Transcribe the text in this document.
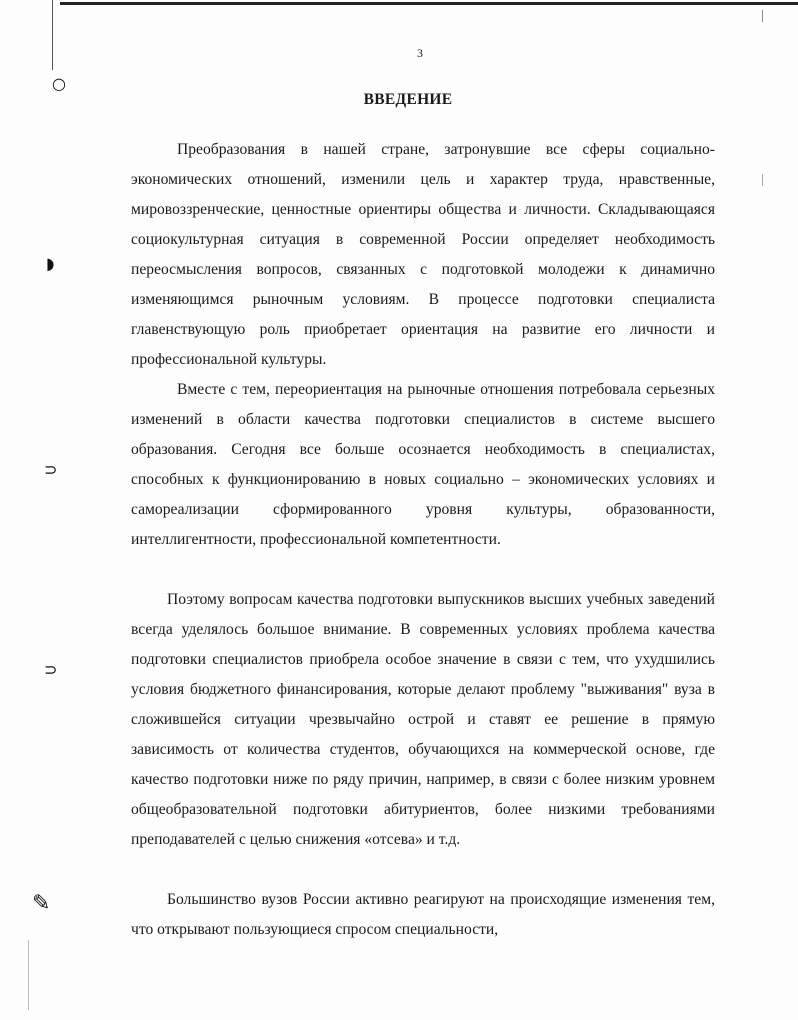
○
◗
⊃
⊃
✎
3
ВВЕДЕНИЕ

Преобразования в нашей стране, затронувшие все сферы социально-экономических отношений, изменили цель и характер труда, нравственные, мировоззренческие, ценностные ориентиры общества и личности. Складывающаяся социокультурная ситуация в современной России определяет необходимость переосмысления вопросов, связанных с подготовкой молодежи к динамично изменяющимся рыночным условиям. В процессе подготовки специалиста главенствующую роль приобретает ориентация на развитие его личности и профессиональной культуры.

Вместе с тем, переориентация на рыночные отношения потребовала серьезных изменений в области качества подготовки специалистов в системе высшего образования. Сегодня все больше осознается необходимость в специалистах, способных к функционированию в новых социально – экономических условиях и самореализации сформированного уровня культуры, образованности, интеллигентности, профессиональной компетентности.

Поэтому вопросам качества подготовки выпускников высших учебных заведений всегда уделялось большое внимание. В современных условиях проблема качества подготовки специалистов приобрела особое значение в связи с тем, что ухудшились условия бюджетного финансирования, которые делают проблему "выживания" вуза в сложившейся ситуации чрезвычайно острой и ставят ее решение в прямую зависимость от количества студентов, обучающихся на коммерческой основе, где качество подготовки ниже по ряду причин, например, в связи с более низким уровнем общеобразовательной подготовки абитуриентов, более низкими требованиями преподавателей с целью снижения «отсева» и т.д.

Большинство вузов России активно реагируют на происходящие изменения тем, что открывают пользующиеся спросом специальности,
